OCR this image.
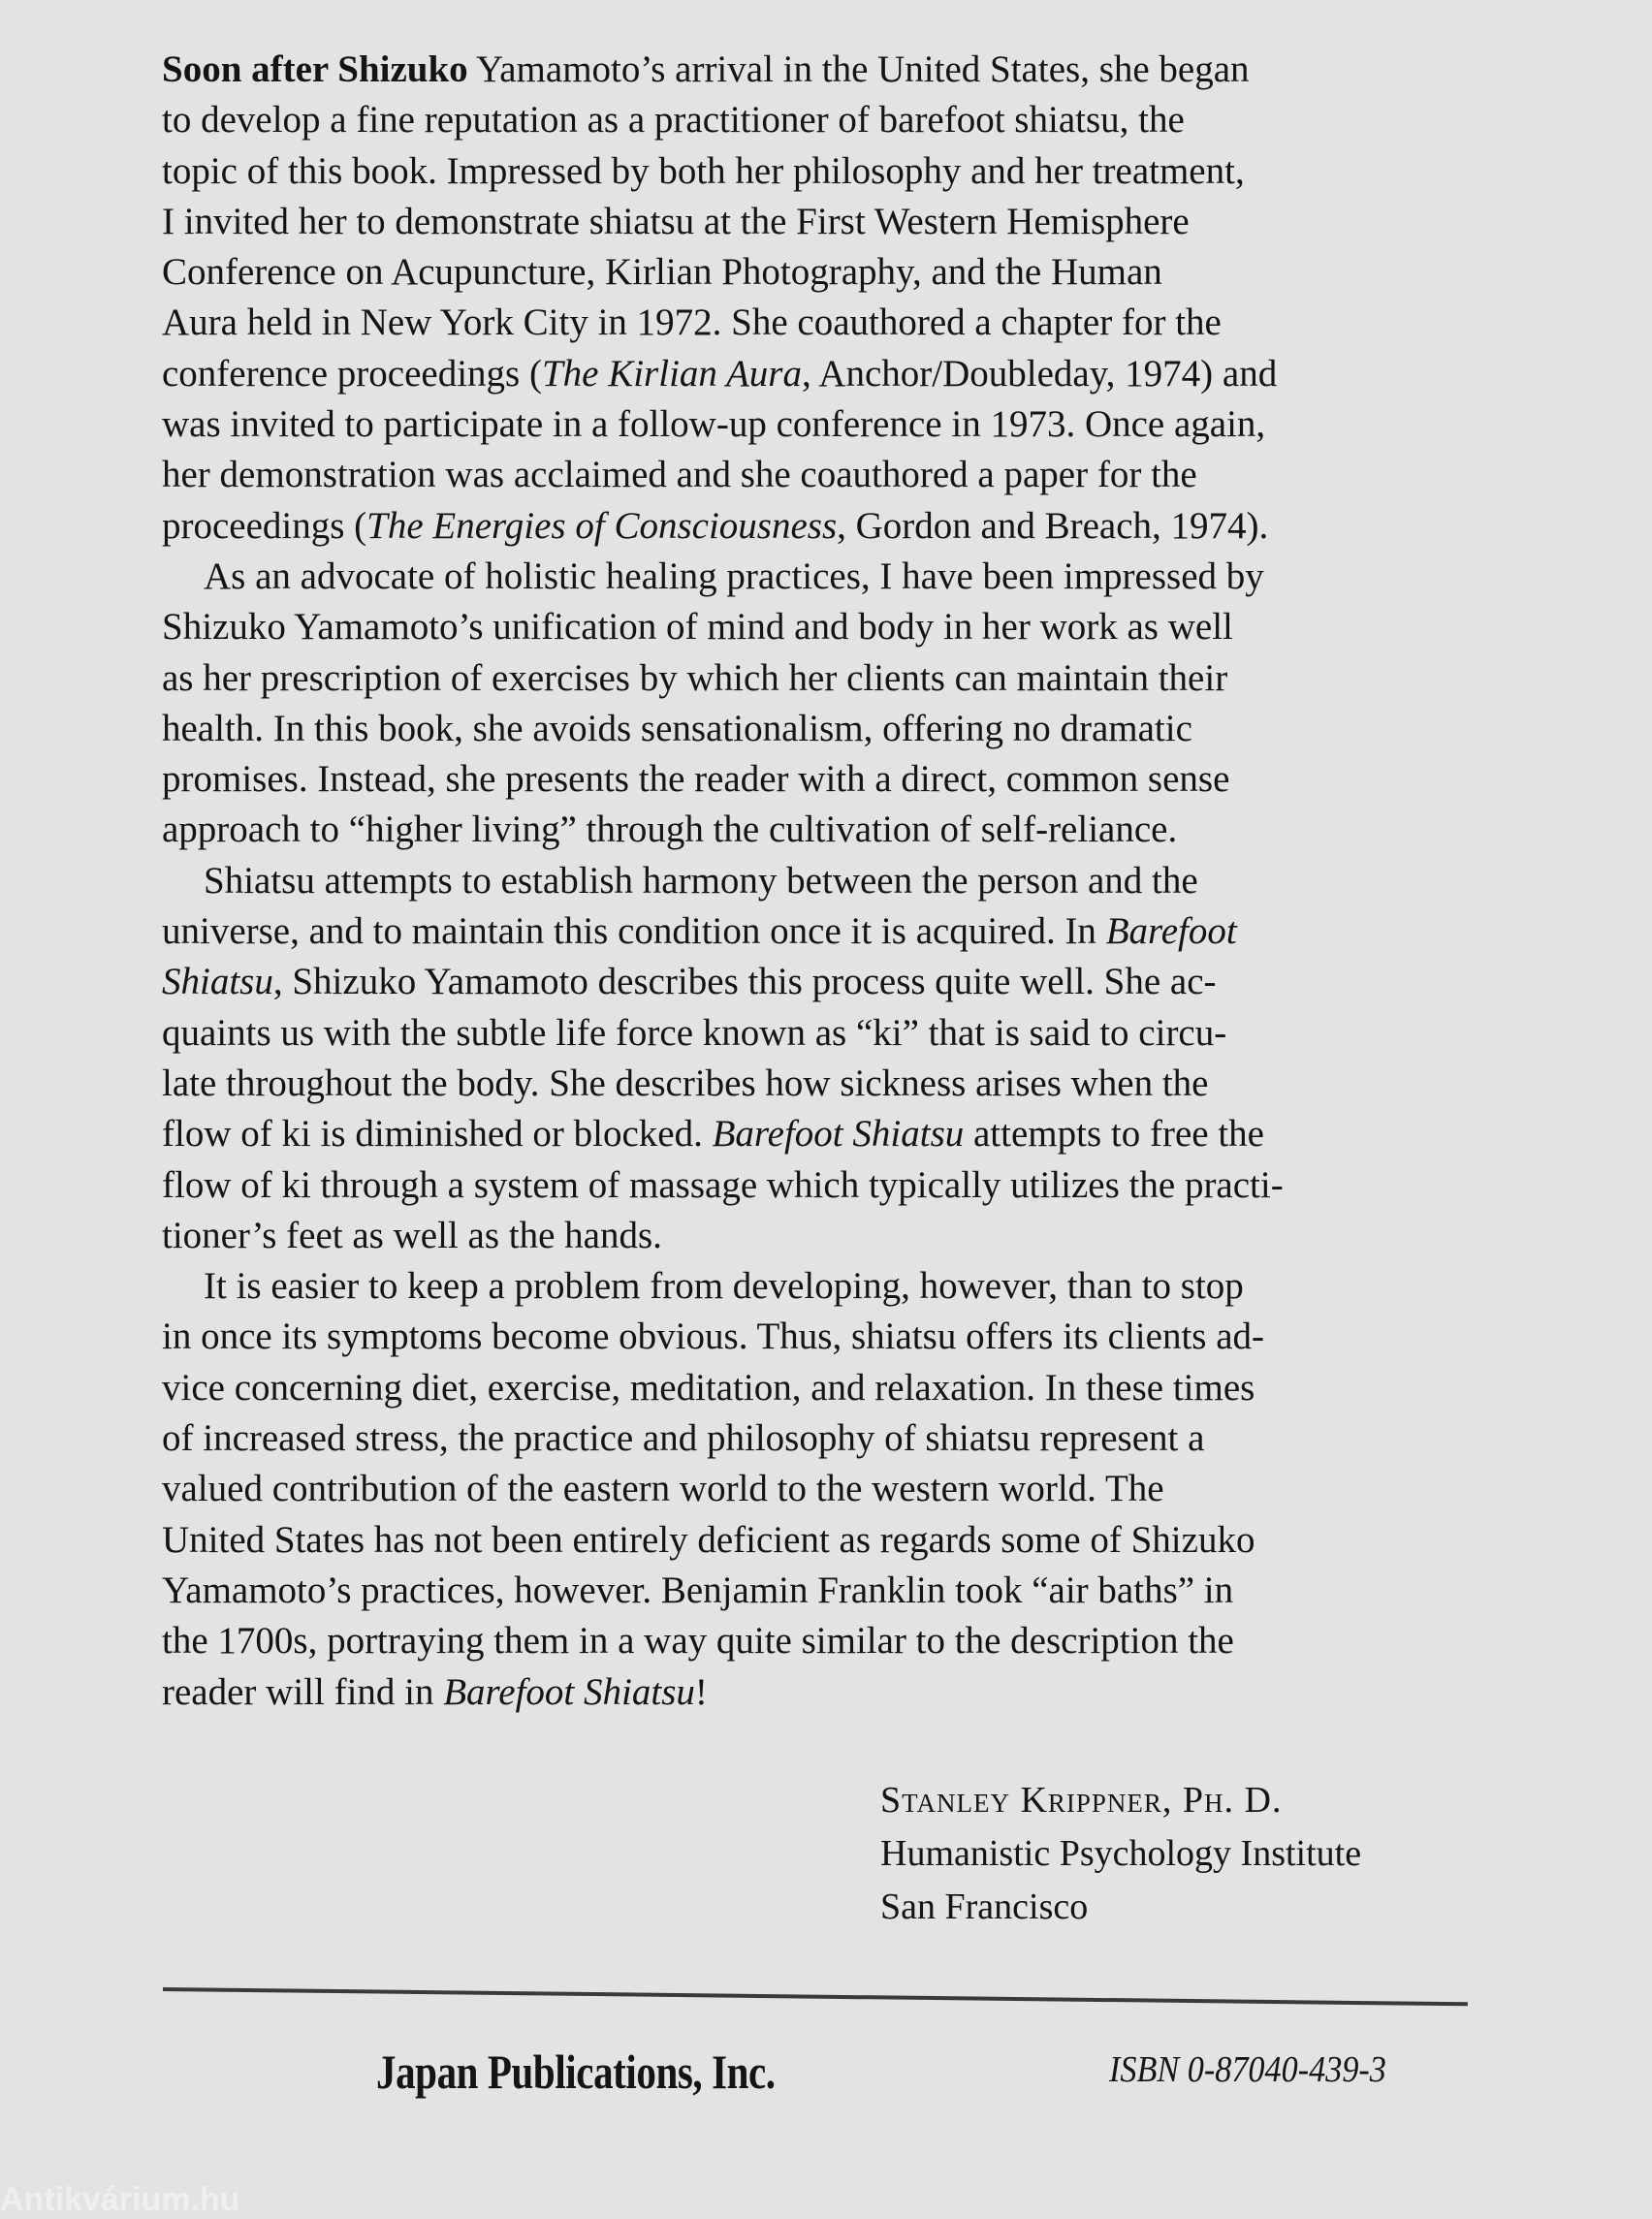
Soon after Shizuko Yamamoto’s arrival in the United States, she began
to develop a fine reputation as a practitioner of barefoot shiatsu, the
topic of this book. Impressed by both her philosophy and her treatment,
I invited her to demonstrate shiatsu at the First Western Hemisphere
Conference on Acupuncture, Kirlian Photography, and the Human
Aura held in New York City in 1972. She coauthored a chapter for the
conference proceedings (The Kirlian Aura, Anchor/Doubleday, 1974) and
was invited to participate in a follow-up conference in 1973. Once again,
her demonstration was acclaimed and she coauthored a paper for the
proceedings (The Energies of Consciousness, Gordon and Breach, 1974).
As an advocate of holistic healing practices, I have been impressed by
Shizuko Yamamoto’s unification of mind and body in her work as well
as her prescription of exercises by which her clients can maintain their
health. In this book, she avoids sensationalism, offering no dramatic
promises. Instead, she presents the reader with a direct, common sense
approach to “higher living” through the cultivation of self-reliance.
Shiatsu attempts to establish harmony between the person and the
universe, and to maintain this condition once it is acquired. In Barefoot
Shiatsu, Shizuko Yamamoto describes this process quite well. She ac-
quaints us with the subtle life force known as “ki” that is said to circu-
late throughout the body. She describes how sickness arises when the
flow of ki is diminished or blocked. Barefoot Shiatsu attempts to free the
flow of ki through a system of massage which typically utilizes the practi-
tioner’s feet as well as the hands.
It is easier to keep a problem from developing, however, than to stop
in once its symptoms become obvious. Thus, shiatsu offers its clients ad-
vice concerning diet, exercise, meditation, and relaxation. In these times
of increased stress, the practice and philosophy of shiatsu represent a
valued contribution of the eastern world to the western world. The
United States has not been entirely deficient as regards some of Shizuko
Yamamoto’s practices, however. Benjamin Franklin took “air baths” in
the 1700s, portraying them in a way quite similar to the description the
reader will find in Barefoot Shiatsu!
Stanley Krippner, Ph. D.
Humanistic Psychology Institute
San Francisco
Japan Publications, Inc.	ISBN 0-87040-439-3
Antikvárium.hu
